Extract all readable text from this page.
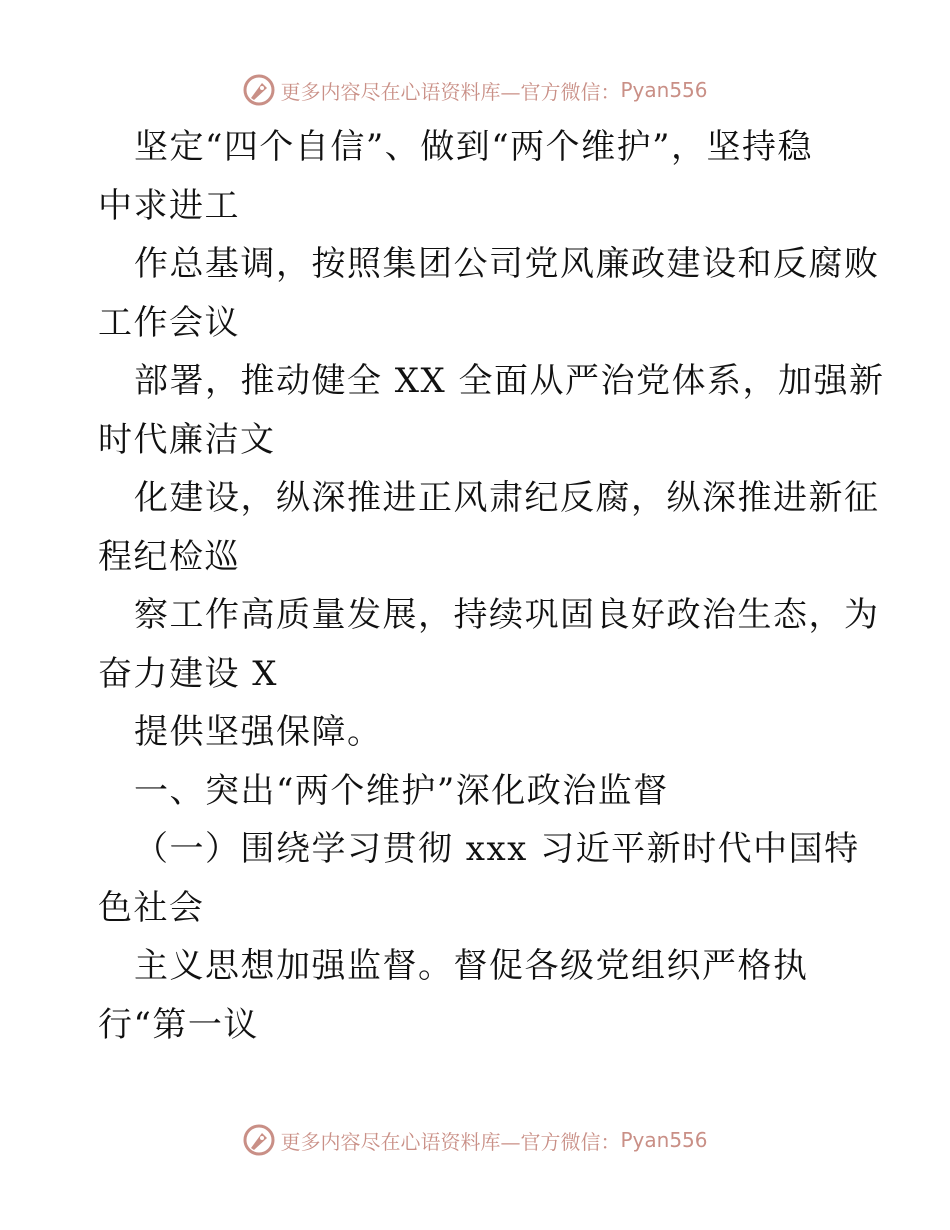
更多内容尽在心语资料库—官方微信： Pyan556
坚定“四个自信”、做到“两个维护”，坚持稳
中求进工
作总基调，按照集团公司党风廉政建设和反腐败
工作会议
部署，推动健全 XX 全面从严治党体系，加强新
时代廉洁文
化建设，纵深推进正风肃纪反腐，纵深推进新征
程纪检巡
察工作高质量发展，持续巩固良好政治生态，为
奋力建设 X
提供坚强保障。
一、突出“两个维护”深化政治监督
（一）围绕学习贯彻 xxx 习近平新时代中国特
色社会
主义思想加强监督。督促各级党组织严格执
行“第一议
更多内容尽在心语资料库—官方微信： Pyan556
